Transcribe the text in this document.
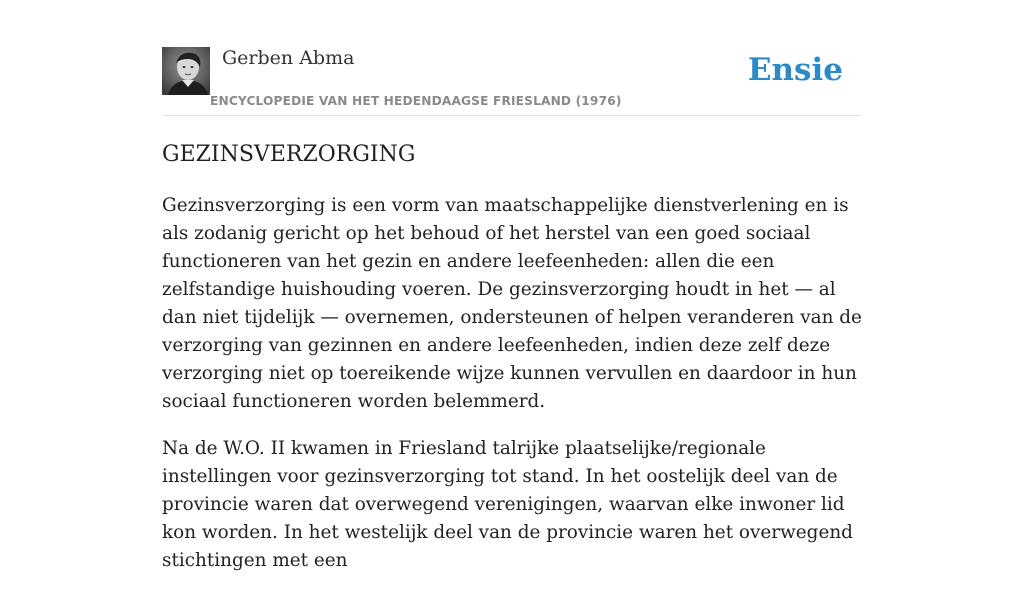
Gerben Abma
ENCYCLOPEDIE VAN HET HEDENDAAGSE FRIESLAND (1976)
Ensie
GEZINSVERZORGING

Gezinsverzorging is een vorm van maatschappelijke dienstverlening en is als zodanig gericht op het behoud of het herstel van een goed sociaal functioneren van het gezin en andere leefeenheden: allen die een zelfstandige huishouding voeren. De gezinsverzorging houdt in het — al dan niet tijdelijk — overnemen, ondersteunen of helpen veranderen van de verzorging van gezinnen en andere leefeenheden, indien deze zelf deze verzorging niet op toereikende wijze kunnen vervullen en daardoor in hun sociaal functioneren worden belemmerd.

Na de W.O. II kwamen in Friesland talrijke plaatselijke/regionale instellingen voor gezinsverzorging tot stand. In het oostelijk deel van de provincie waren dat overwegend verenigingen, waarvan elke inwoner lid kon worden. In het westelijk deel van de provincie waren het overwegend stichtingen met een
